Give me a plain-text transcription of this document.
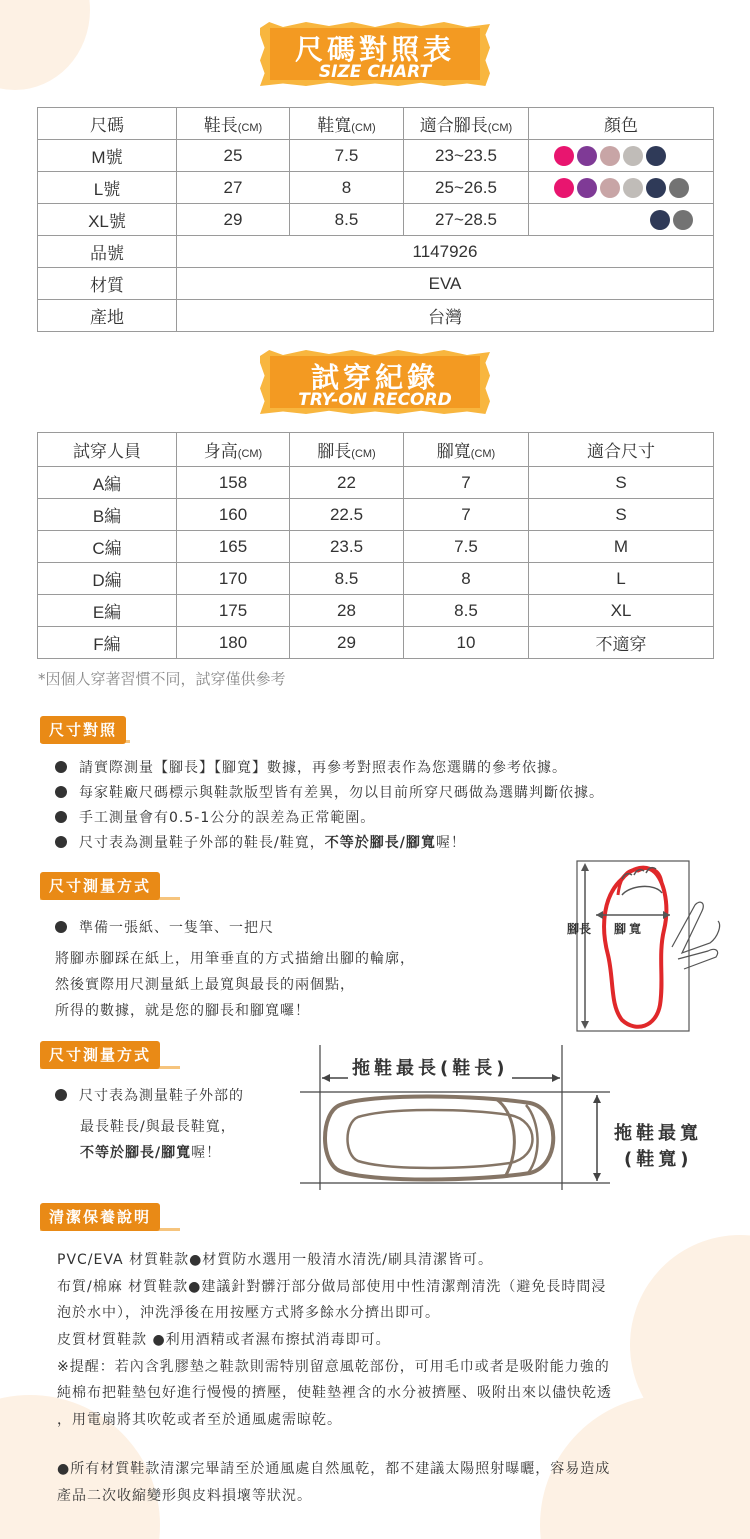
尺碼對照表
SIZE CHART
尺碼	鞋長(CM)	鞋寬(CM)	適合腳長(CM)	顏色
M號	25	7.5	23~23.5	
L號	27	8	25~26.5	
XL號	29	8.5	27~28.5	
品號	1147926			
材質	EVA			
產地	台灣			
試穿紀錄
TRY-ON RECORD
試穿人員	身高(CM)	腳長(CM)	腳寬(CM)	適合尺寸
A編	158	22	7	S
B編	160	22.5	7	S
C編	165	23.5	7.5	M
D編	170	8.5	8	L
E編	175	28	8.5	XL
F編	180	29	10	不適穿
*因個人穿著習慣不同，試穿僅供參考
尺寸對照
請實際測量【腳長】【腳寬】數據，再參考對照表作為您選購的參考依據。
每家鞋廠尺碼標示與鞋款版型皆有差異，勿以目前所穿尺碼做為選購判斷依據。
手工測量會有0.5-1公分的誤差為正常範圍。
尺寸表為測量鞋子外部的鞋長/鞋寬，不等於腳長/腳寬喔！
尺寸測量方式
準備一張紙、一隻筆、一把尺
將腳赤腳踩在紙上，用筆垂直的方式描繪出腳的輪廓，
然後實際用尺測量紙上最寬與最長的兩個點，
所得的數據，就是您的腳長和腳寬囉！
腳長 腳寬
尺寸測量方式
尺寸表為測量鞋子外部的
最長鞋長/與最長鞋寬，
不等於腳長/腳寬喔！
拖鞋最長(鞋長)
拖鞋最寬
(鞋寬)
清潔保養說明
PVC/EVA 材質鞋款●材質防水選用一般清水清洗/刷具清潔皆可。
布質/棉麻 材質鞋款●建議針對髒汙部分做局部使用中性清潔劑清洗（避免長時間浸
泡於水中），沖洗淨後在用按壓方式將多餘水分擠出即可。
皮質材質鞋款 ●利用酒精或者濕布擦拭消毒即可。
※提醒：若內含乳膠墊之鞋款則需特別留意風乾部份，可用毛巾或者是吸附能力強的
純棉布把鞋墊包好進行慢慢的擠壓，使鞋墊裡含的水分被擠壓、吸附出來以儘快乾透
，用電扇將其吹乾或者至於通風處需晾乾。
●所有材質鞋款清潔完畢請至於通風處自然風乾，都不建議太陽照射曝曬，容易造成
產品二次收縮變形與皮料損壞等狀況。
